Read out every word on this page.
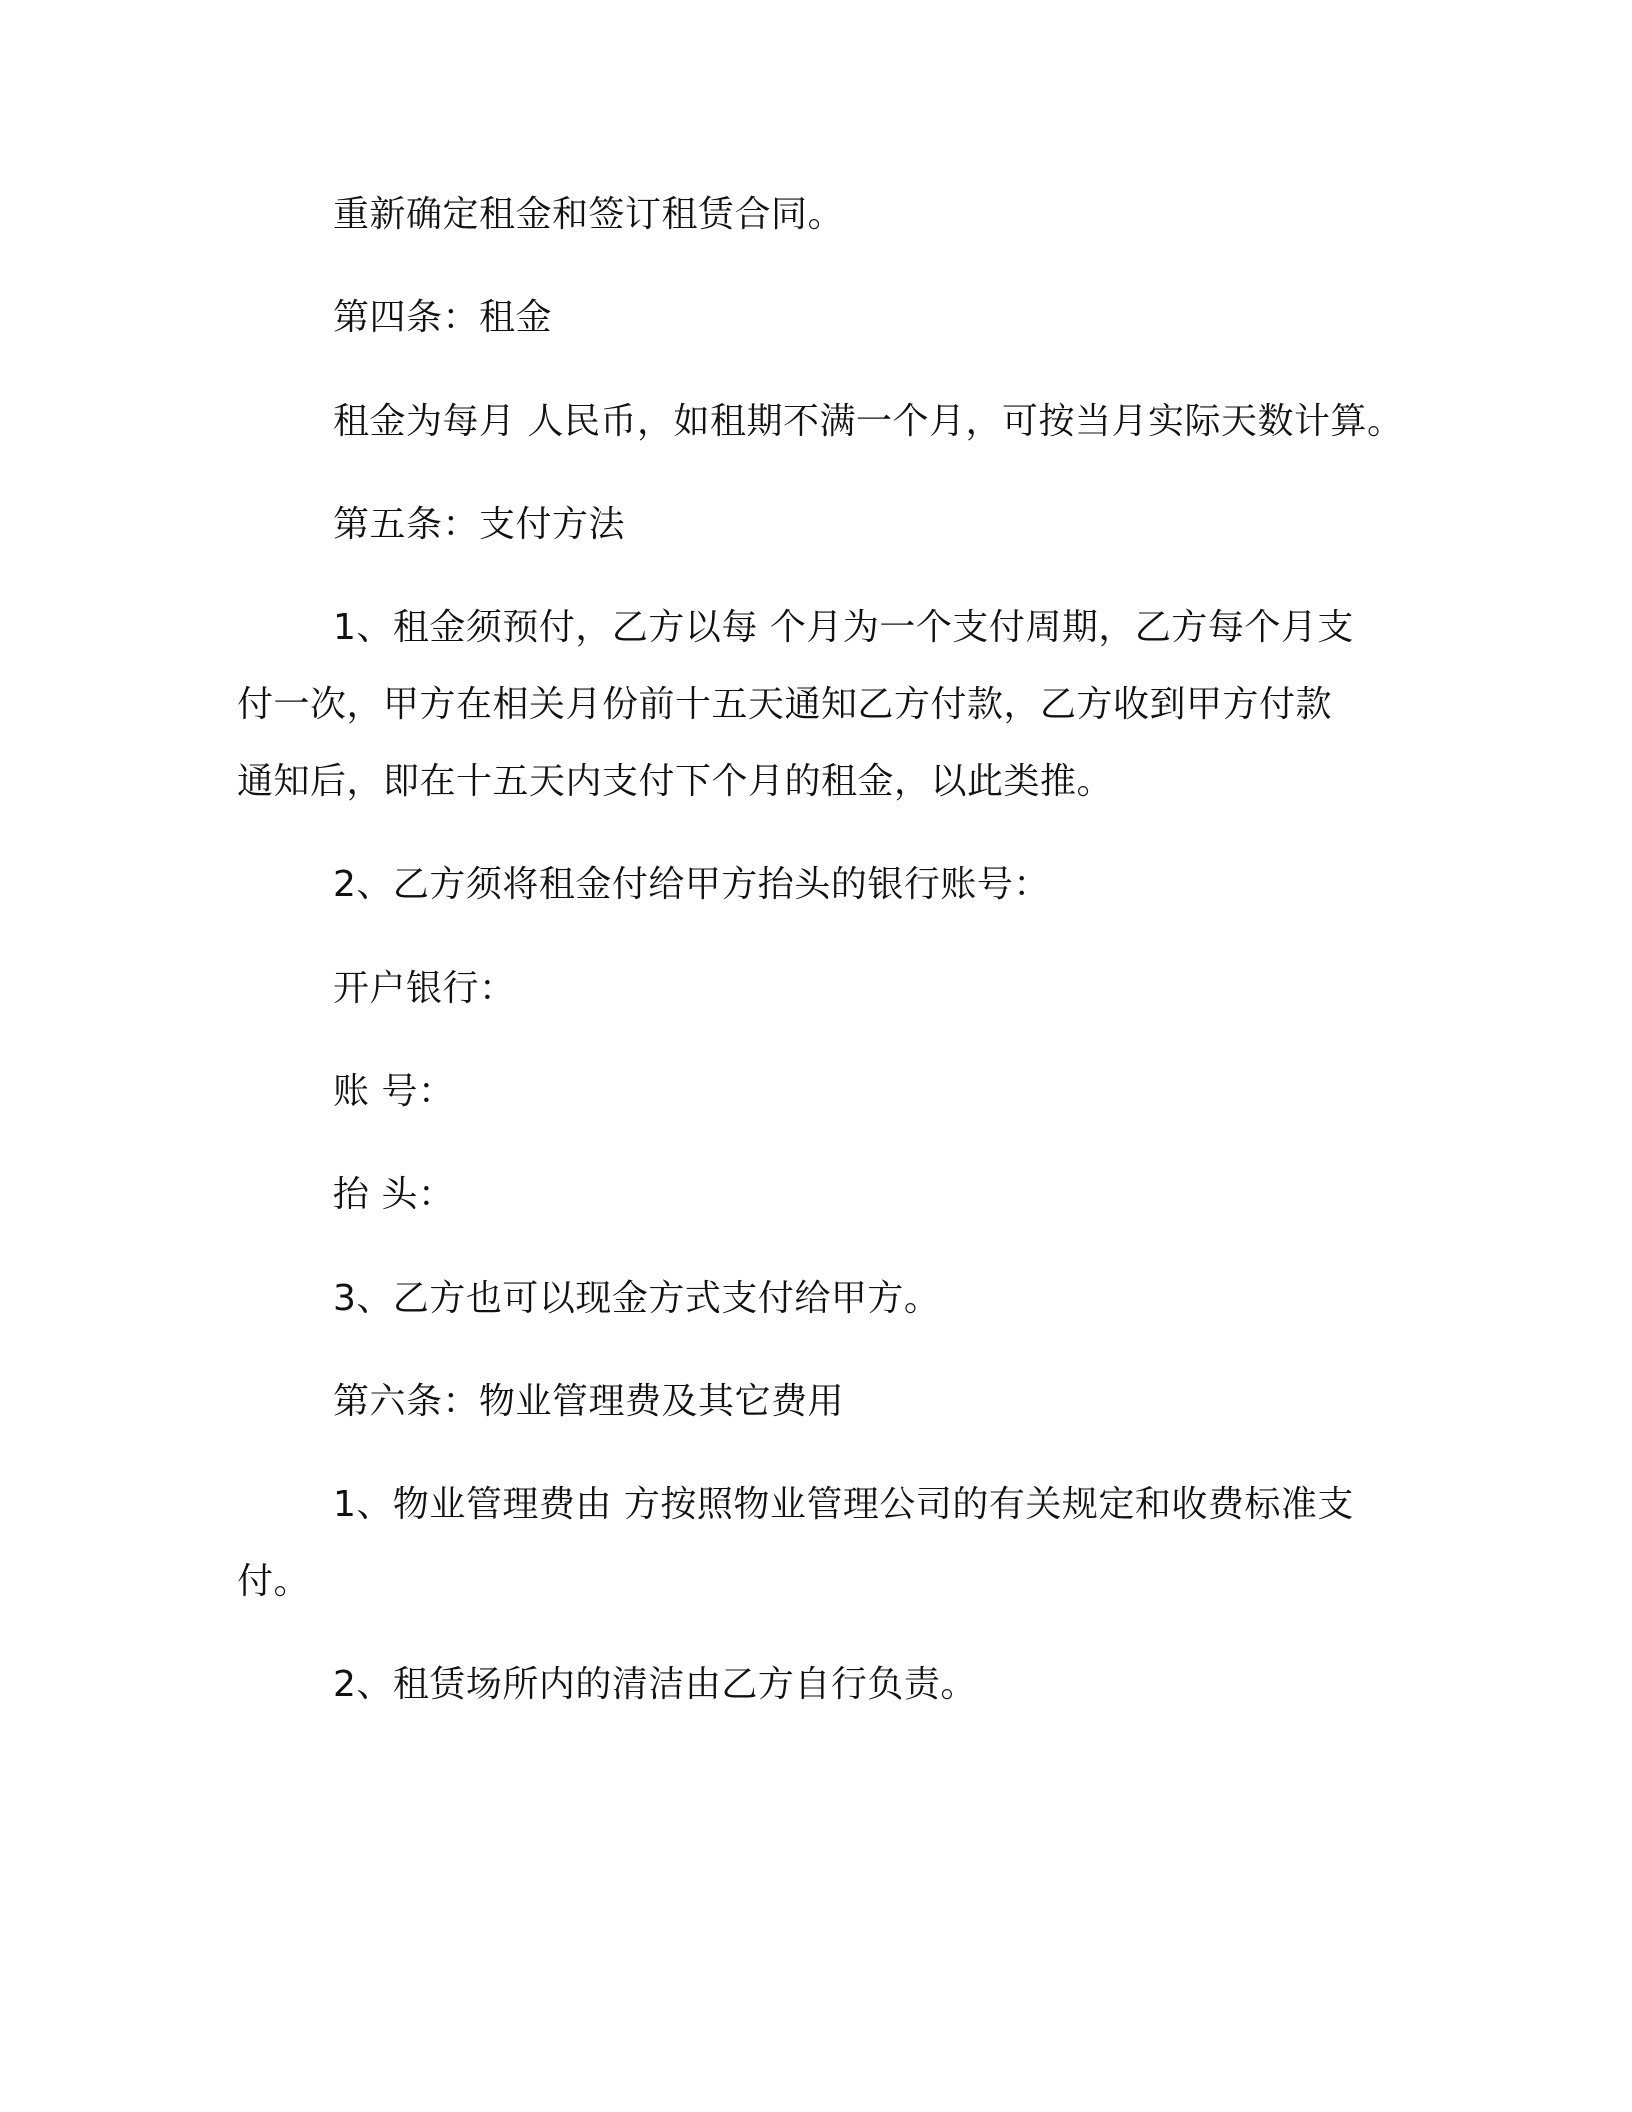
重新确定租金和签订租赁合同。

第四条：租金

租金为每月 人民币，如租期不满一个月，可按当月实际天数计算。

第五条：支付方法

1、租金须预付，乙方以每 个月为一个支付周期，乙方每个月支

付一次，甲方在相关月份前十五天通知乙方付款，乙方收到甲方付款

通知后，即在十五天内支付下个月的租金，以此类推。

2、乙方须将租金付给甲方抬头的银行账号：

开户银行：

账 号：

抬 头：

3、乙方也可以现金方式支付给甲方。

第六条：物业管理费及其它费用

1、物业管理费由 方按照物业管理公司的有关规定和收费标准支

付。

2、租赁场所内的清洁由乙方自行负责。
